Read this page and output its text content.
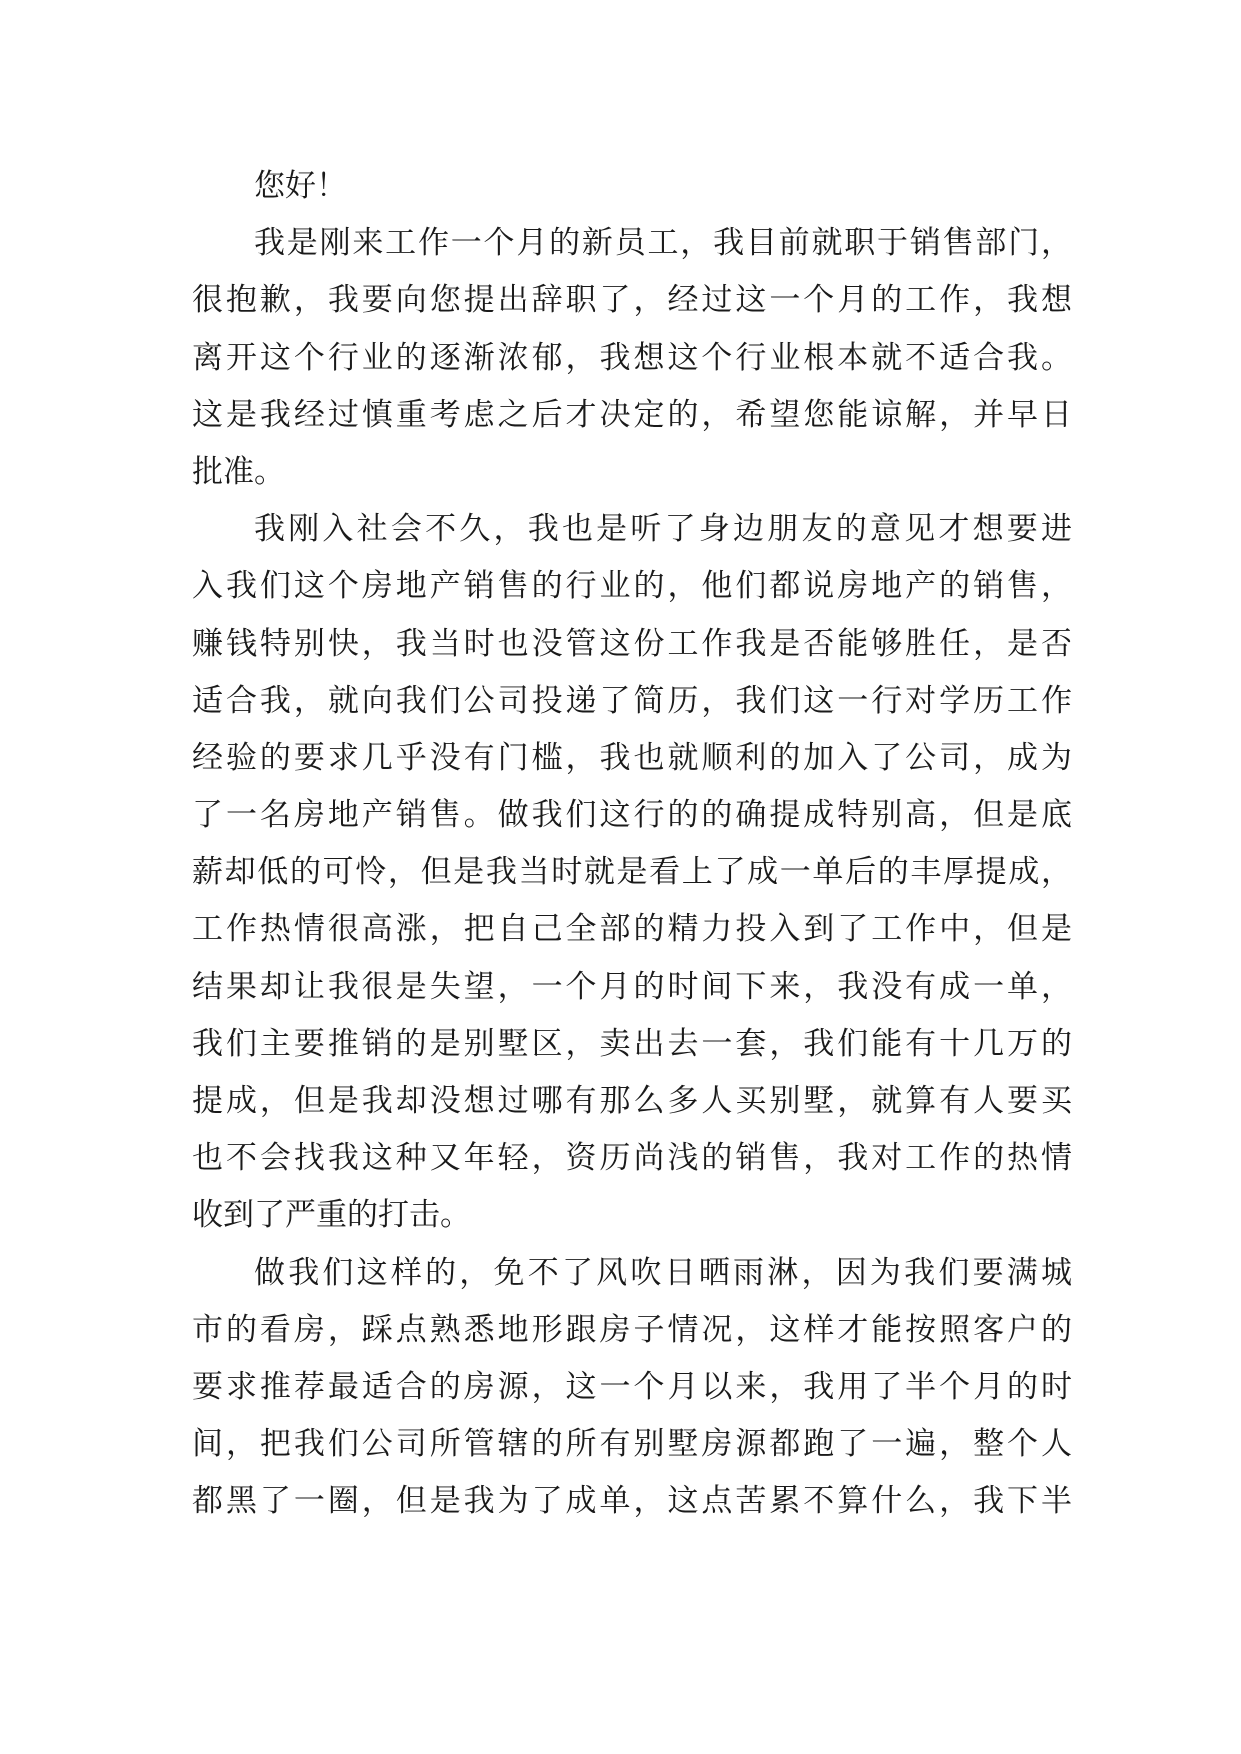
您好！
我是刚来工作一个月的新员工，我目前就职于销售部门，
很抱歉，我要向您提出辞职了，经过这一个月的工作，我想
离开这个行业的逐渐浓郁，我想这个行业根本就不适合我。
这是我经过慎重考虑之后才决定的，希望您能谅解，并早日
批准。
我刚入社会不久，我也是听了身边朋友的意见才想要进
入我们这个房地产销售的行业的，他们都说房地产的销售，
赚钱特别快，我当时也没管这份工作我是否能够胜任，是否
适合我，就向我们公司投递了简历，我们这一行对学历工作
经验的要求几乎没有门槛，我也就顺利的加入了公司，成为
了一名房地产销售。做我们这行的的确提成特别高，但是底
薪却低的可怜，但是我当时就是看上了成一单后的丰厚提成，
工作热情很高涨，把自己全部的精力投入到了工作中，但是
结果却让我很是失望，一个月的时间下来，我没有成一单，
我们主要推销的是别墅区，卖出去一套，我们能有十几万的
提成，但是我却没想过哪有那么多人买别墅，就算有人要买
也不会找我这种又年轻，资历尚浅的销售，我对工作的热情
收到了严重的打击。
做我们这样的，免不了风吹日晒雨淋，因为我们要满城
市的看房，踩点熟悉地形跟房子情况，这样才能按照客户的
要求推荐最适合的房源，这一个月以来，我用了半个月的时
间，把我们公司所管辖的所有别墅房源都跑了一遍，整个人
都黑了一圈，但是我为了成单，这点苦累不算什么，我下半
